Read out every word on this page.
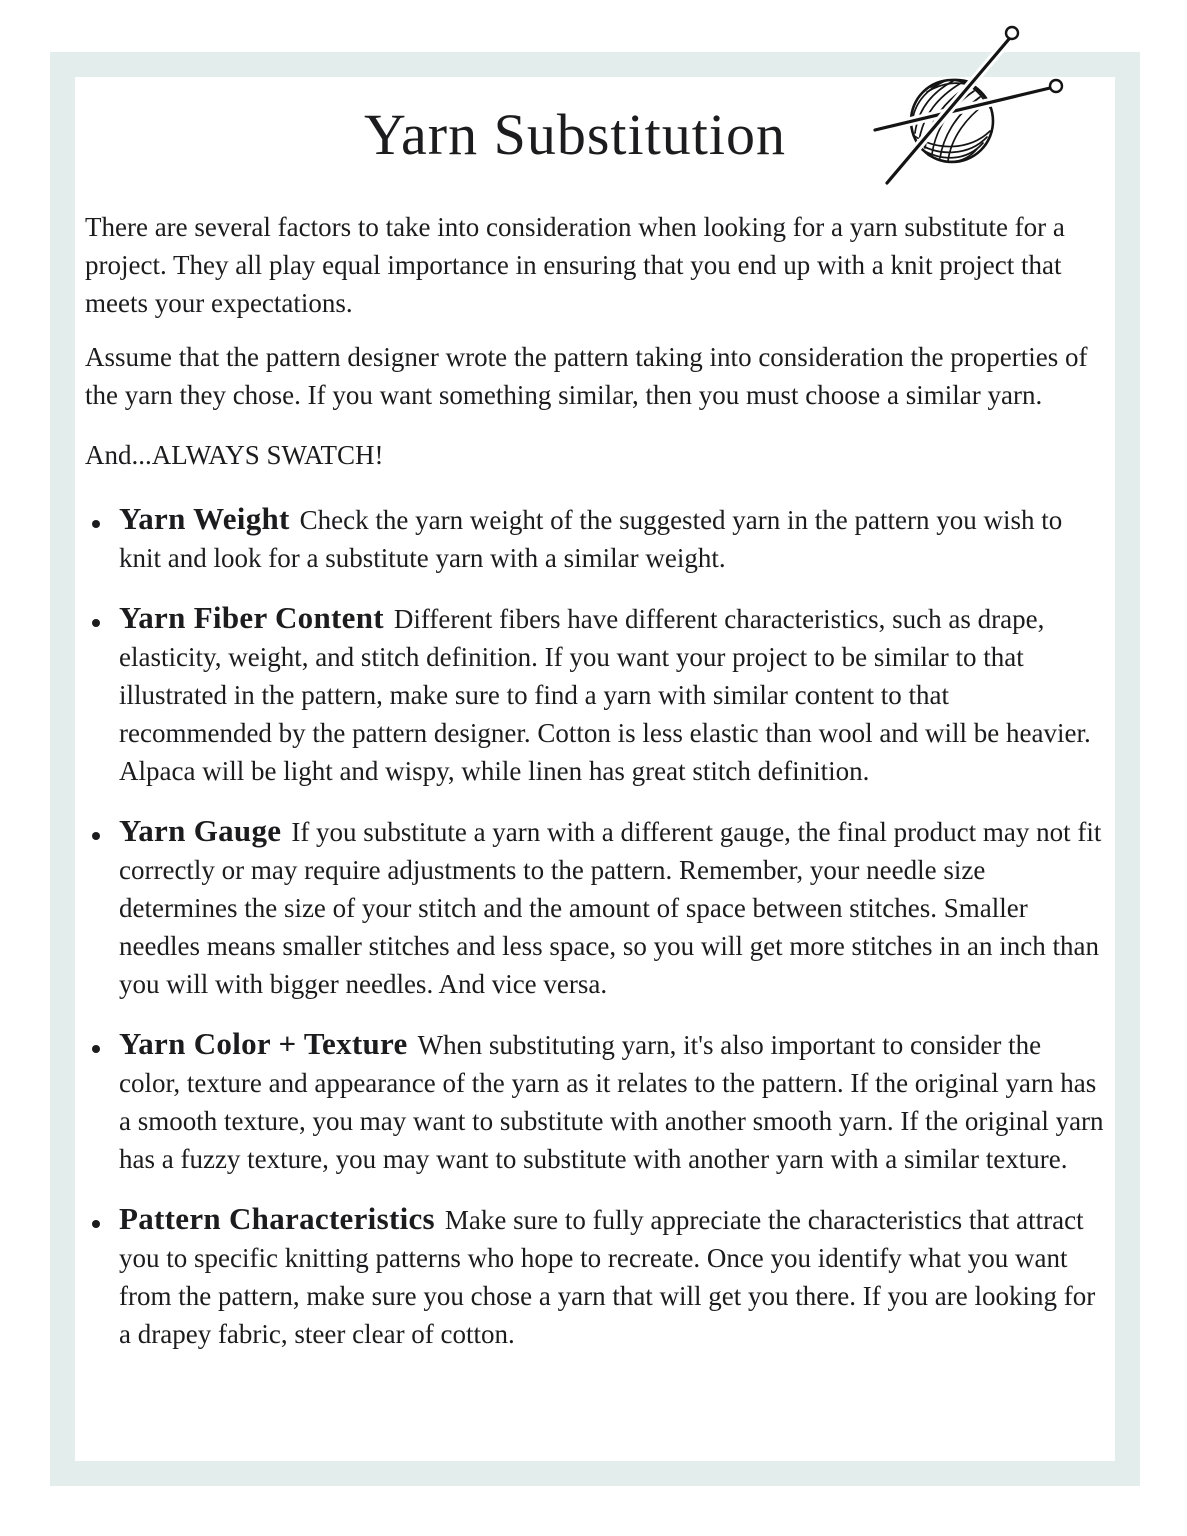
Yarn Substitution

There are several factors to take into consideration when looking for a yarn substitute for a project. They all play equal importance in ensuring that you end up with a knit project that meets your expectations.

Assume that the pattern designer wrote the pattern taking into consideration the properties of the yarn they chose. If you want something similar, then you must choose a similar yarn.

And...ALWAYS SWATCH!

Yarn Weight Check the yarn weight of the suggested yarn in the pattern you wish to knit and look for a substitute yarn with a similar weight.
Yarn Fiber Content Different fibers have different characteristics, such as drape, elasticity, weight, and stitch definition. If you want your project to be similar to that illustrated in the pattern, make sure to find a yarn with similar content to that recommended by the pattern designer. Cotton is less elastic than wool and will be heavier. Alpaca will be light and wispy, while linen has great stitch definition.
Yarn Gauge If you substitute a yarn with a different gauge, the final product may not fit correctly or may require adjustments to the pattern. Remember, your needle size determines the size of your stitch and the amount of space between stitches. Smaller needles means smaller stitches and less space, so you will get more stitches in an inch than you will with bigger needles. And vice versa.
Yarn Color + Texture When substituting yarn, it's also important to consider the color, texture and appearance of the yarn as it relates to the pattern. If the original yarn has a smooth texture, you may want to substitute with another smooth yarn. If the original yarn has a fuzzy texture, you may want to substitute with another yarn with a similar texture.
Pattern Characteristics Make sure to fully appreciate the characteristics that attract you to specific knitting patterns who hope to recreate. Once you identify what you want from the pattern, make sure you chose a yarn that will get you there. If you are looking for a drapey fabric, steer clear of cotton.
